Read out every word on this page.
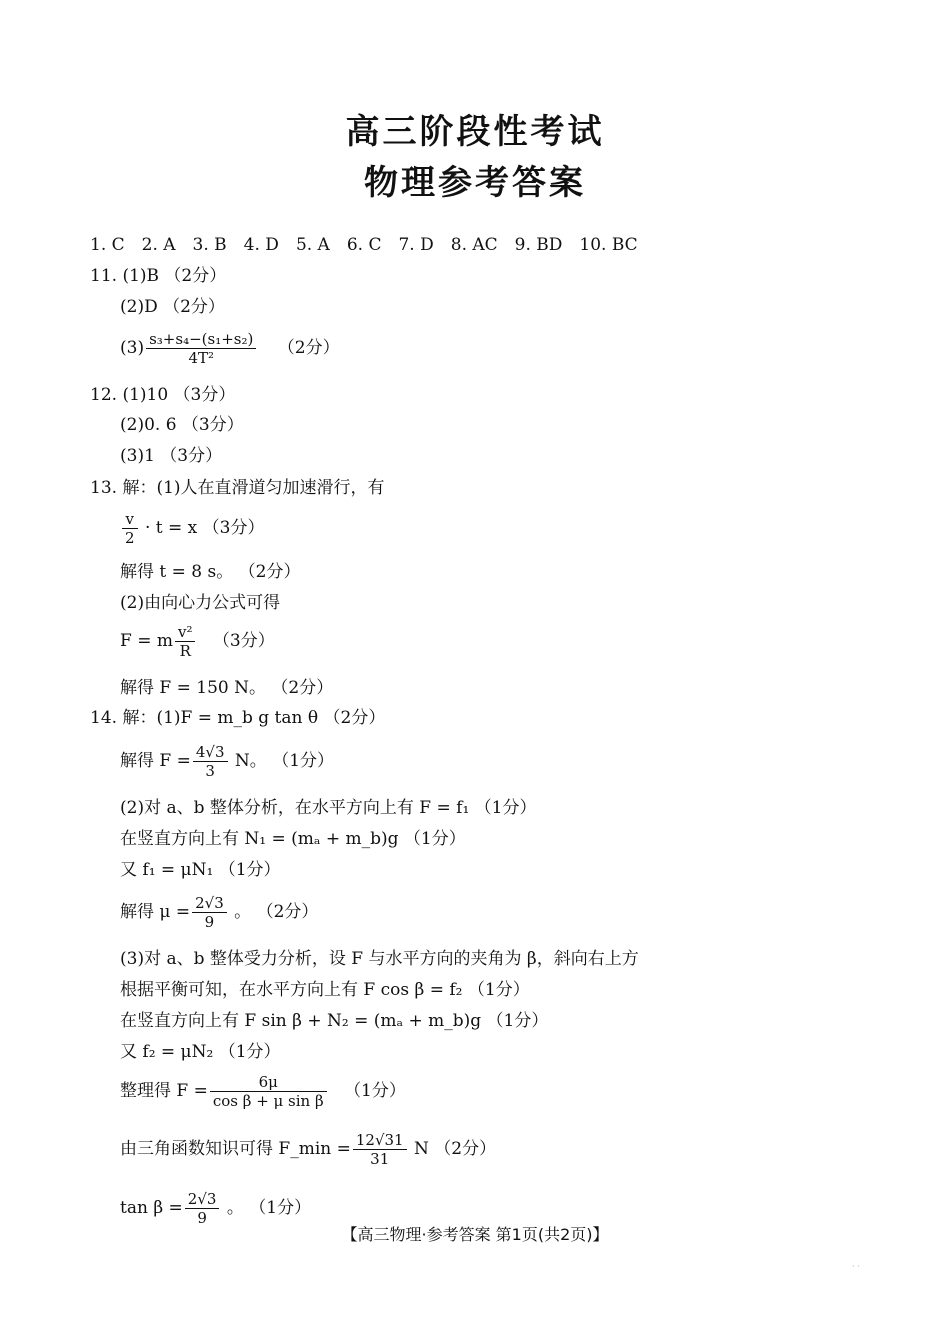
高三阶段性考试
物理参考答案
1. C 2. A 3. B 4. D 5. A 6. C 7. D 8. AC 9. BD 10. BC
11. (1)B （2分）
(2)D （2分）
$(3) \frac{\text{s₃+s₄−(s₁+s₂)}}{\text{4T²}} (2$分）
12. (1)10 （3分）
(2)0. 6 （3分）
(3)1 （3分）
13. 解：(1)人在直滑道匀加速滑行，有
$\frac{v}{2} \cdot t = x$ （3分）
解得 t = 8 s。 （2分）
(2)由向心力公式可得
F = m $\frac{\text{v²}}{R} (3$分）
解得 F = 150 N。 （2分）
14. 解：(1)F = m_b g tan θ （2分）
解得 $F = \frac{4√3}{3}$ N。 （1分）
(2)对 a、b 整体分析，在水平方向上有 F = f₁ （1分）
在竖直方向上有 N₁ = (mₐ + m_b)g （1分）
又 f₁ = μN₁ （1分）
解得 $\mu = \frac{2√3}{9}$ 。 （2分）
(3)对 a、b 整体受力分析，设 F 与水平方向的夹角为 β，斜向右上方
根据平衡可知，在水平方向上有 F cos β = f₂ （1分）
在竖直方向上有 F sin β + N₂ = (mₐ + m_b)g （1分）
又 f₂ = μN₂ （1分）
整理得 $F = \frac{6\mu}{\text{cos β + μ sin β}} (1$分）
由三角函数知识可得 F_min = $\frac{12√31}{31}$ N （2分）
$\tan \beta = \frac{2√3}{9}$ 。 （1分）
【高三物理·参考答案 第1页(共2页)】
· ·
